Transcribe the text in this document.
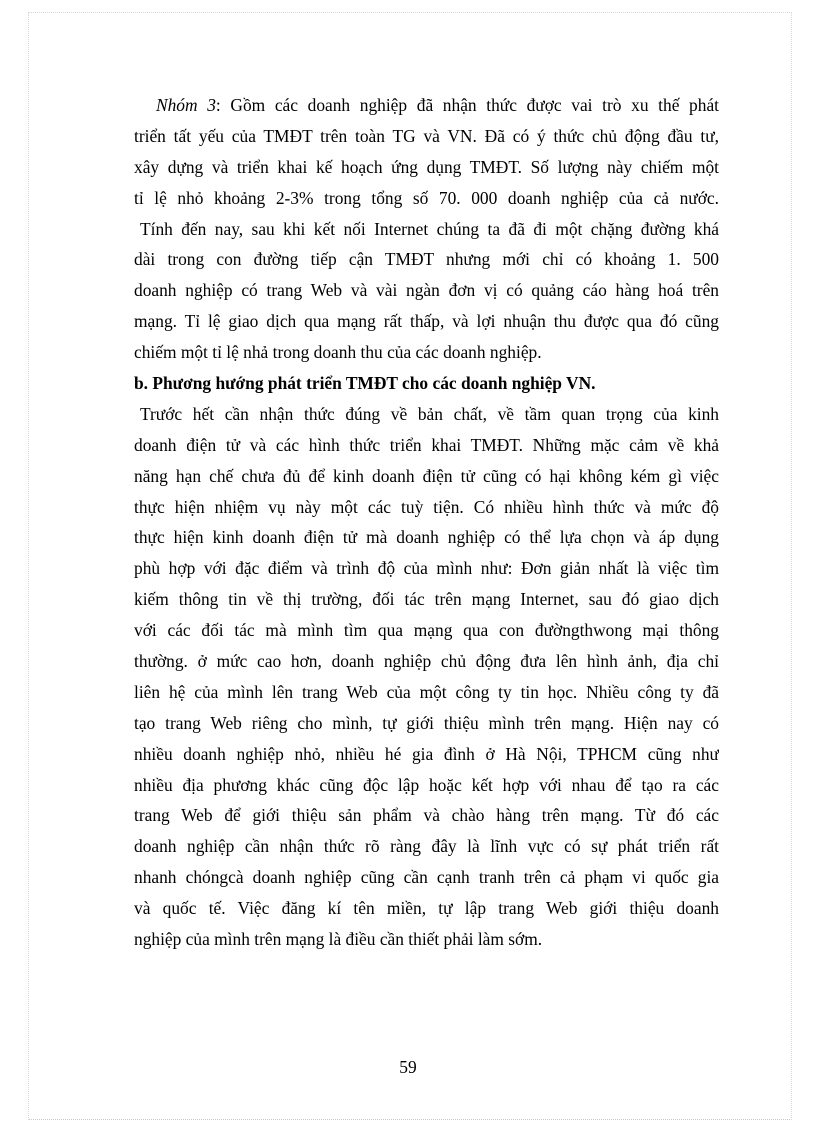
Nhóm 3: Gồm các doanh nghiệp đã nhận thức được vai trò xu thế phát
triển tất yếu của TMĐT trên toàn TG và VN. Đã có ý thức chủ động đầu tư,
xây dựng và triển khai kế hoạch ứng dụng TMĐT. Số lượng này chiếm một
tỉ lệ nhỏ khoảng 2-3% trong tổng số 70. 000 doanh nghiệp của cả nước.
Tính đến nay, sau khi kết nối Internet chúng ta đã đi một chặng đường khá
dài trong con đường tiếp cận TMĐT nhưng mới chỉ có khoảng 1. 500
doanh nghiệp có trang Web và vài ngàn đơn vị có quảng cáo hàng hoá trên
mạng. Tỉ lệ giao dịch qua mạng rất thấp, và lợi nhuận thu được qua đó cũng
chiếm một tỉ lệ nhả trong doanh thu của các doanh nghiệp.

b. Phương hướng phát triển TMĐT cho các doanh nghiệp VN.

Trước hết cần nhận thức đúng về bản chất, về tầm quan trọng của kinh
doanh điện tử và các hình thức triển khai TMĐT. Những mặc cảm về khả
năng hạn chế chưa đủ để kinh doanh điện tử cũng có hại không kém gì việc
thực hiện nhiệm vụ này một các tuỳ tiện. Có nhiều hình thức và mức độ
thực hiện kinh doanh điện tử mà doanh nghiệp có thể lựa chọn và áp dụng
phù hợp với đặc điểm và trình độ của mình như: Đơn giản nhất là việc tìm
kiếm thông tin về thị trường, đối tác trên mạng Internet, sau đó giao dịch
với các đối tác mà mình tìm qua mạng qua con đườngthwong mại thông
thường. ở mức cao hơn, doanh nghiệp chủ động đưa lên hình ảnh, địa chỉ
liên hệ của mình lên trang Web của một công ty tin học. Nhiều công ty đã
tạo trang Web riêng cho mình, tự giới thiệu mình trên mạng. Hiện nay có
nhiều doanh nghiệp nhỏ, nhiều hé gia đình ở Hà Nội, TPHCM cũng như
nhiều địa phương khác cũng độc lập hoặc kết hợp với nhau để tạo ra các
trang Web để giới thiệu sản phẩm và chào hàng trên mạng. Từ đó các
doanh nghiệp cần nhận thức rõ ràng đây là lĩnh vực có sự phát triển rất
nhanh chóngcà doanh nghiệp cũng cần cạnh tranh trên cả phạm vi quốc gia
và quốc tế. Việc đăng kí tên miền, tự lập trang Web giới thiệu doanh
nghiệp của mình trên mạng là điều cần thiết phải làm sớm.

59
